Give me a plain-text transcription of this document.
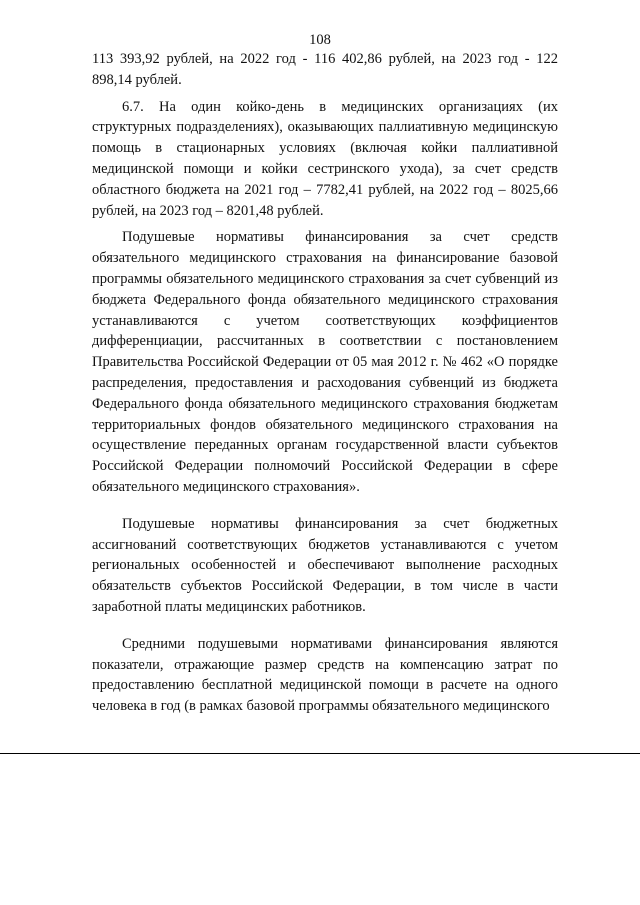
108

113 393,92 рублей, на 2022 год - 116 402,86 рублей, на 2023 год - 122 898,14 рублей.

6.7. На один койко-день в медицинских организациях (их структурных подразделениях), оказывающих паллиативную медицинскую помощь в стационарных условиях (включая койки паллиативной медицинской помощи и койки сестринского ухода), за счет средств областного бюджета на 2021 год – 7782,41 рублей, на 2022 год – 8025,66 рублей, на 2023 год – 8201,48 рублей.

Подушевые нормативы финансирования за счет средств обязательного медицинского страхования на финансирование базовой программы обязательного медицинского страхования за счет субвенций из бюджета Федерального фонда обязательного медицинского страхования устанавливаются с учетом соответствующих коэффициентов дифференциации, рассчитанных в соответствии с постановлением Правительства Российской Федерации от 05 мая 2012 г. № 462 «О порядке распределения, предоставления и расходования субвенций из бюджета Федерального фонда обязательного медицинского страхования бюджетам территориальных фондов обязательного медицинского страхования на осуществление переданных органам государственной власти субъектов Российской Федерации полномочий Российской Федерации в сфере обязательного медицинского страхования».

Подушевые нормативы финансирования за счет бюджетных ассигнований соответствующих бюджетов устанавливаются с учетом региональных особенностей и обеспечивают выполнение расходных обязательств субъектов Российской Федерации, в том числе в части заработной платы медицинских работников.

Средними подушевыми нормативами финансирования являются показатели, отражающие размер средств на компенсацию затрат по предоставлению бесплатной медицинской помощи в расчете на одного человека в год (в рамках базовой программы обязательного медицинского
